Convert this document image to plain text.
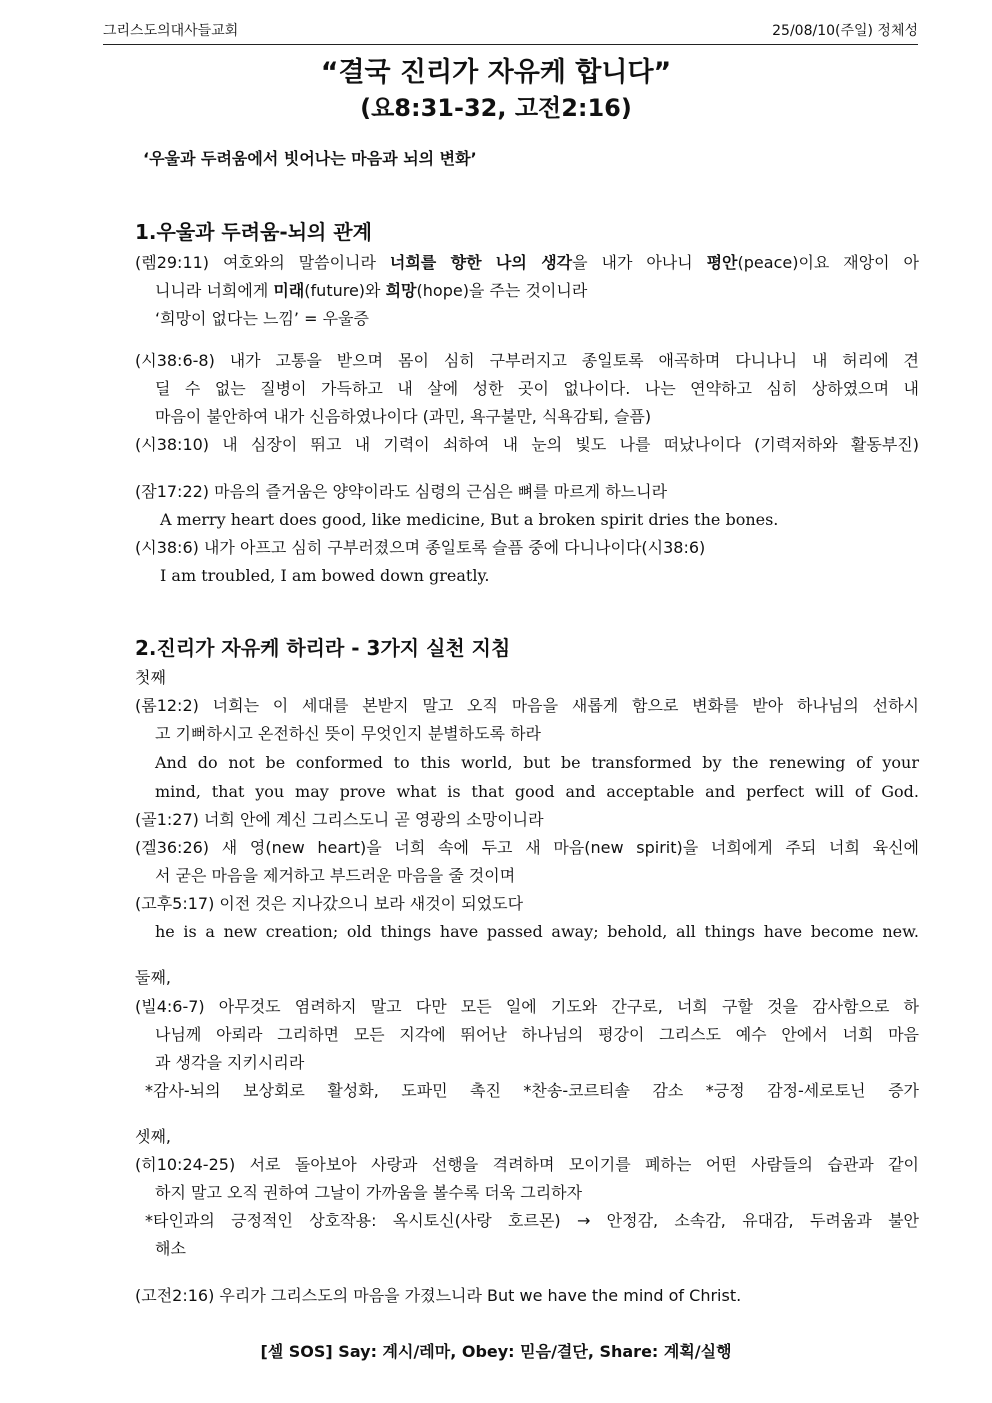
그리스도의대사들교회	25/08/10(주일) 정체성
“결국 진리가 자유케 합니다”
(요8:31-32, 고전2:16)
‘우울과 두려움에서 빗어나는 마음과 뇌의 변화’
1.우울과 두려움-뇌의 관계
(렘29:11) 여호와의 말씀이니라 너희를 향한 나의 생각을 내가 아나니 평안(peace)이요 재앙이 아
니니라 너희에게 미래(future)와 희망(hope)을 주는 것이니라
‘희망이 없다는 느낌’ = 우울증
(시38:6-8) 내가 고통을 받으며 몸이 심히 구부러지고 종일토록 애곡하며 다니나니 내 허리에 견
딜 수 없는 질병이 가득하고 내 살에 성한 곳이 없나이다. 나는 연약하고 심히 상하였으며 내
마음이 불안하여 내가 신음하였나이다 (과민, 욕구불만, 식욕감퇴, 슬픔)
(시38:10) 내 심장이 뛰고 내 기력이 쇠하여 내 눈의 빛도 나를 떠났나이다 (기력저하와 활동부진)
(잠17:22) 마음의 즐거움은 양약이라도 심령의 근심은 뼈를 마르게 하느니라
A merry heart does good, like medicine, But a broken spirit dries the bones.
(시38:6) 내가 아프고 심히 구부러졌으며 종일토록 슬픔 중에 다니나이다(시38:6)
I am troubled, I am bowed down greatly.
2.진리가 자유케 하리라 - 3가지 실천 지침
첫째
(롬12:2) 너희는 이 세대를 본받지 말고 오직 마음을 새롭게 함으로 변화를 받아 하나님의 선하시
고 기뻐하시고 온전하신 뜻이 무엇인지 분별하도록 하라
And do not be conformed to this world, but be transformed by the renewing of your
mind, that you may prove what is that good and acceptable and perfect will of God.
(골1:27) 너희 안에 계신 그리스도니 곧 영광의 소망이니라
(겔36:26) 새 영(new heart)을 너희 속에 두고 새 마음(new spirit)을 너희에게 주되 너희 육신에
서 굳은 마음을 제거하고 부드러운 마음을 줄 것이며
(고후5:17) 이전 것은 지나갔으니 보라 새것이 되었도다
he is a new creation; old things have passed away; behold, all things have become new.
둘째,
(빌4:6-7) 아무것도 염려하지 말고 다만 모든 일에 기도와 간구로, 너희 구할 것을 감사함으로 하
나님께 아뢰라 그리하면 모든 지각에 뛰어난 하나님의 평강이 그리스도 예수 안에서 너희 마음
과 생각을 지키시리라
*감사-뇌의 보상회로 활성화, 도파민 촉진 *찬송-코르티솔 감소 *긍정 감정-세로토닌 증가
셋째,
(히10:24-25) 서로 돌아보아 사랑과 선행을 격려하며 모이기를 폐하는 어떤 사람들의 습관과 같이
하지 말고 오직 권하여 그날이 가까움을 볼수록 더욱 그리하자
*타인과의 긍정적인 상호작용: 옥시토신(사랑 호르몬) → 안정감, 소속감, 유대감, 두려움과 불안
해소
(고전2:16) 우리가 그리스도의 마음을 가졌느니라 But we have the mind of Christ.
[셀 SOS] Say: 계시/레마, Obey: 믿음/결단, Share: 계획/실행
